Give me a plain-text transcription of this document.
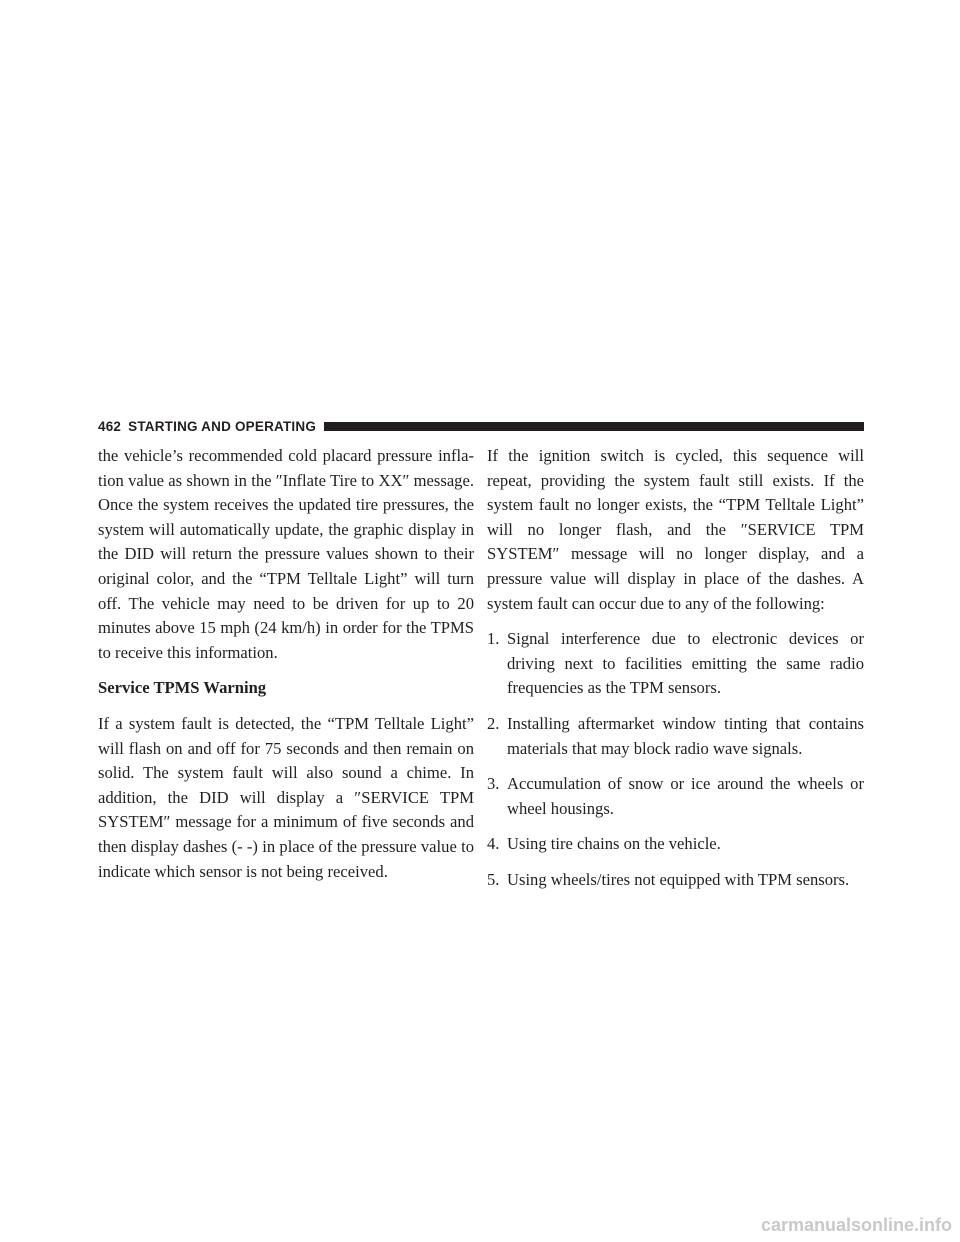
462 STARTING AND OPERATING

the vehicle’s recommended cold placard pressure infla-tion value as shown in the ″Inflate Tire to XX″ message. Once the system receives the updated tire pressures, the system will automatically update, the graphic display in the DID will return the pressure values shown to their original color, and the “TPM Telltale Light” will turn off. The vehicle may need to be driven for up to 20 minutes above 15 mph (24 km/h) in order for the TPMS to receive this information.

Service TPMS Warning

If a system fault is detected, the “TPM Telltale Light” will flash on and off for 75 seconds and then remain on solid. The system fault will also sound a chime. In addition, the DID will display a ″SERVICE TPM SYSTEM″ message for a minimum of five seconds and then display dashes (- -) in place of the pressure value to indicate which sensor is not being received.

If the ignition switch is cycled, this sequence will repeat, providing the system fault still exists. If the system fault no longer exists, the “TPM Telltale Light” will no longer flash, and the ″SERVICE TPM SYSTEM″ message will no longer display, and a pressure value will display in place of the dashes. A system fault can occur due to any of the following:

1. Signal interference due to electronic devices or driving next to facilities emitting the same radio frequencies as the TPM sensors.
2. Installing aftermarket window tinting that contains materials that may block radio wave signals.
3. Accumulation of snow or ice around the wheels or wheel housings.
4. Using tire chains on the vehicle.
5. Using wheels/tires not equipped with TPM sensors.
carmanualsonline.info
